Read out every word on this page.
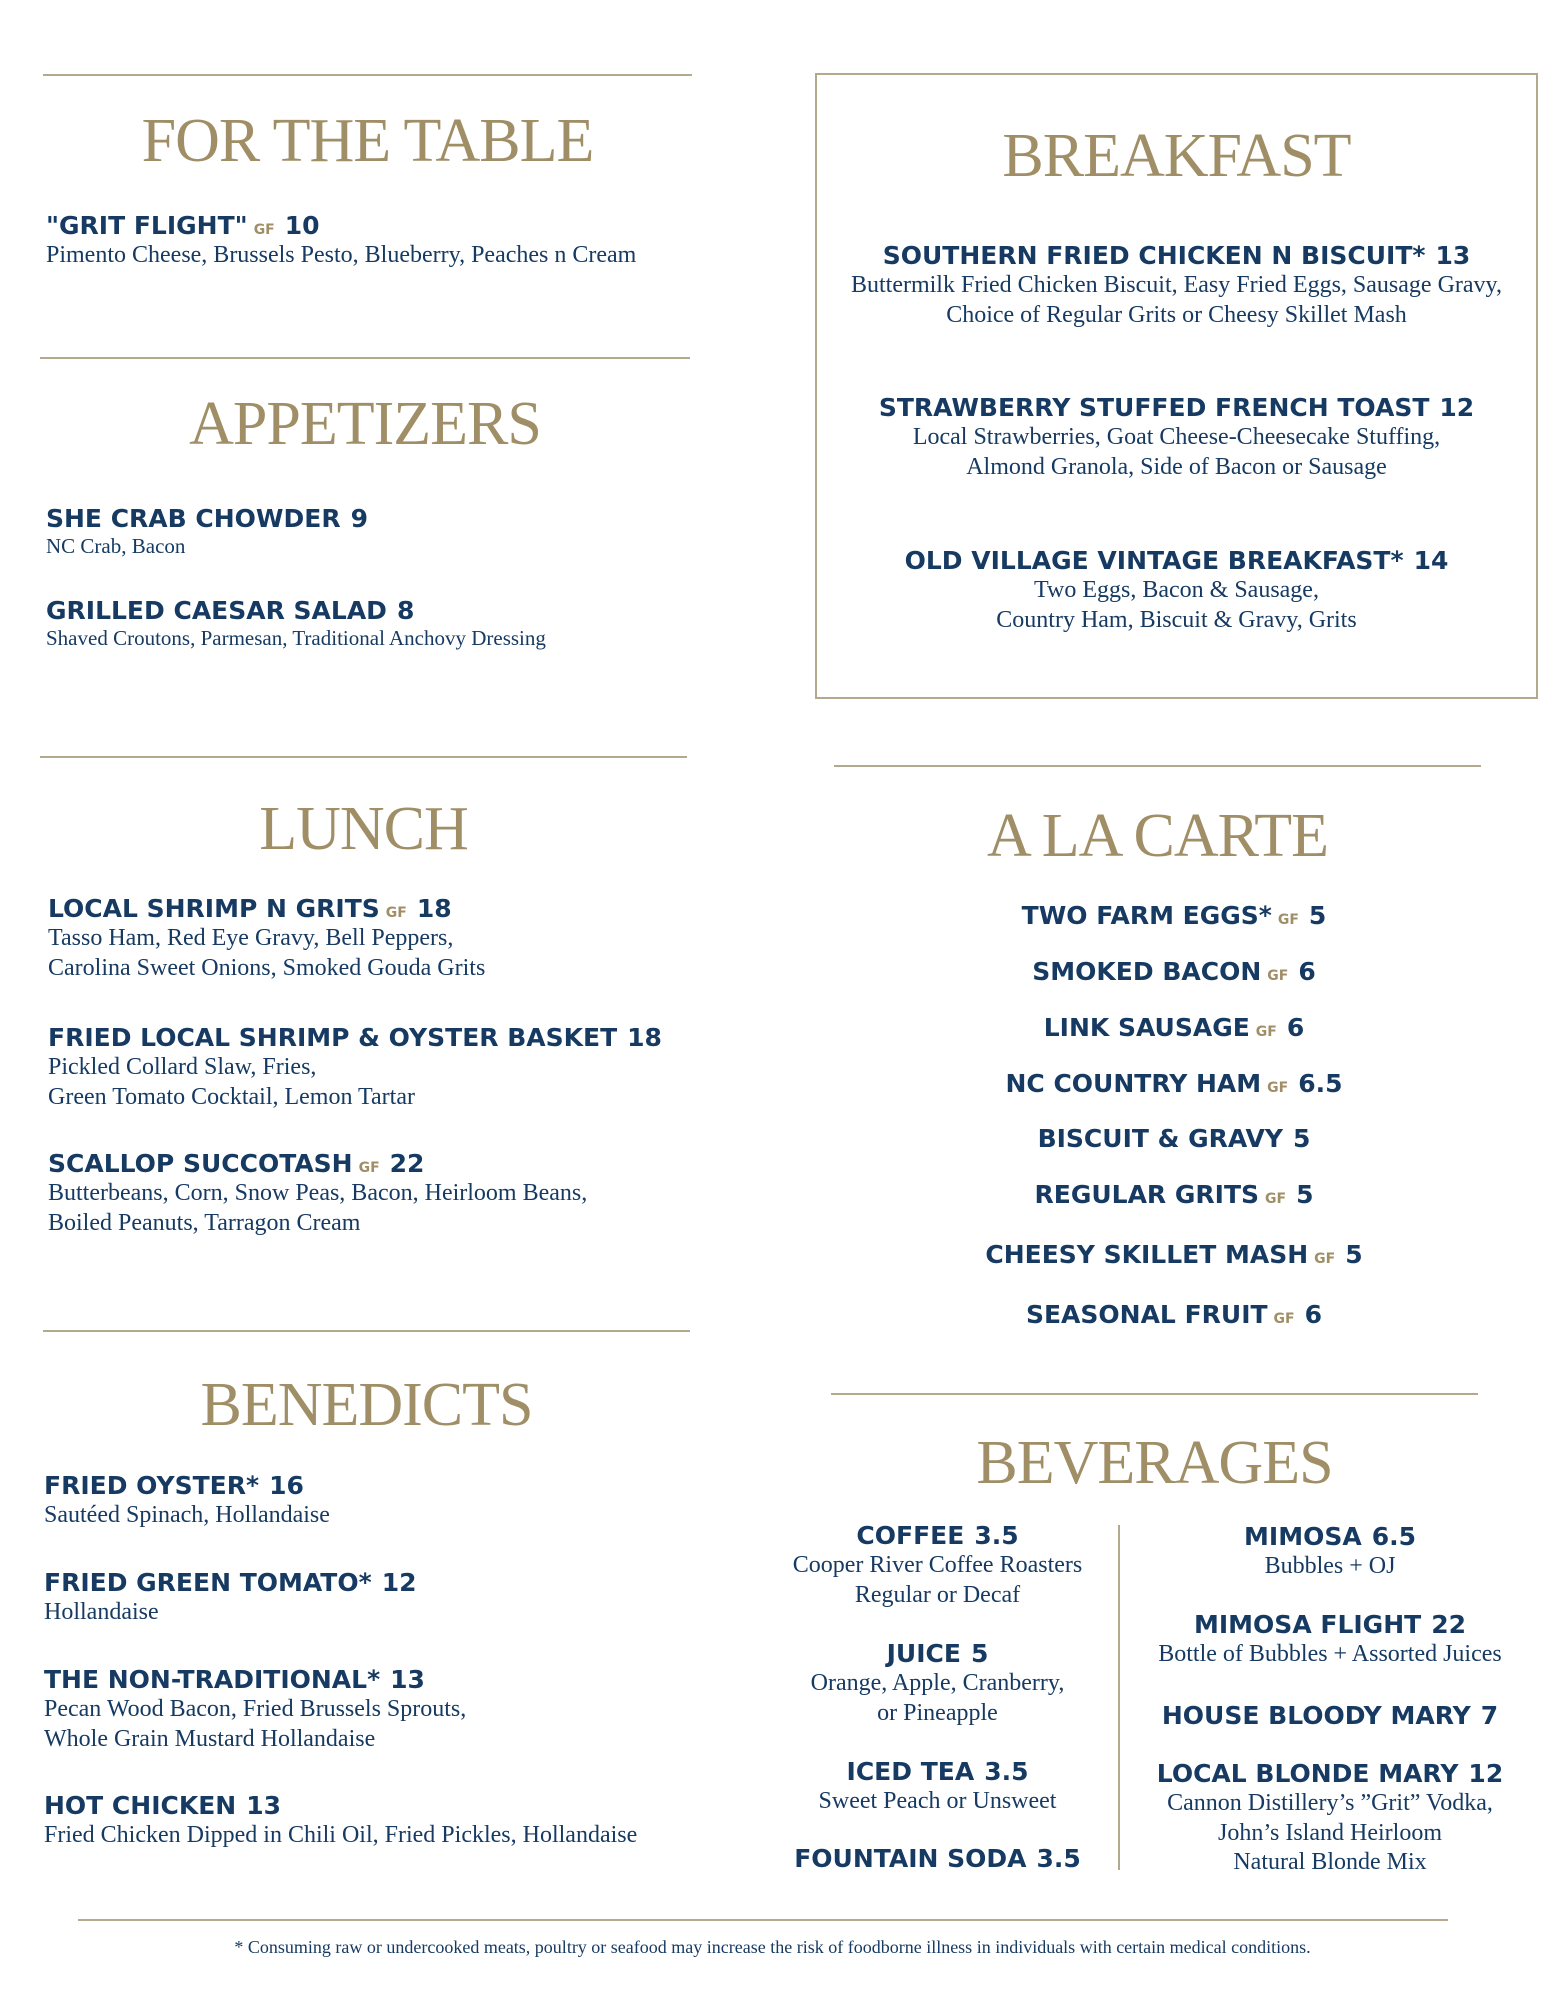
FOR THE TABLE
"GRIT FLIGHT" GF 10
Pimento Cheese, Brussels Pesto, Blueberry, Peaches n Cream
APPETIZERS
SHE CRAB CHOWDER 9
NC Crab, Bacon
GRILLED CAESAR SALAD 8
Shaved Croutons, Parmesan, Traditional Anchovy Dressing
LUNCH
LOCAL SHRIMP N GRITS GF 18
Tasso Ham, Red Eye Gravy, Bell Peppers,
Carolina Sweet Onions, Smoked Gouda Grits
FRIED LOCAL SHRIMP & OYSTER BASKET 18
Pickled Collard Slaw, Fries,
Green Tomato Cocktail, Lemon Tartar
SCALLOP SUCCOTASH GF 22
Butterbeans, Corn, Snow Peas, Bacon, Heirloom Beans,
Boiled Peanuts, Tarragon Cream
BENEDICTS
FRIED OYSTER* 16
Sautéed Spinach, Hollandaise
FRIED GREEN TOMATO* 12
Hollandaise
THE NON-TRADITIONAL* 13
Pecan Wood Bacon, Fried Brussels Sprouts,
Whole Grain Mustard Hollandaise
HOT CHICKEN 13
Fried Chicken Dipped in Chili Oil, Fried Pickles, Hollandaise
BREAKFAST
SOUTHERN FRIED CHICKEN N BISCUIT* 13
Buttermilk Fried Chicken Biscuit, Easy Fried Eggs, Sausage Gravy,
Choice of Regular Grits or Cheesy Skillet Mash
STRAWBERRY STUFFED FRENCH TOAST 12
Local Strawberries, Goat Cheese-Cheesecake Stuffing,
Almond Granola, Side of Bacon or Sausage
OLD VILLAGE VINTAGE BREAKFAST* 14
Two Eggs, Bacon & Sausage,
Country Ham, Biscuit & Gravy, Grits
A LA CARTE
TWO FARM EGGS* GF 5
SMOKED BACON GF 6
LINK SAUSAGE GF 6
NC COUNTRY HAM GF 6.5
BISCUIT & GRAVY 5
REGULAR GRITS GF 5
CHEESY SKILLET MASH GF 5
SEASONAL FRUIT GF 6
BEVERAGES
COFFEE 3.5
Cooper River Coffee Roasters
Regular or Decaf
JUICE 5
Orange, Apple, Cranberry,
or Pineapple
ICED TEA 3.5
Sweet Peach or Unsweet
FOUNTAIN SODA 3.5
MIMOSA 6.5
Bubbles + OJ
MIMOSA FLIGHT 22
Bottle of Bubbles + Assorted Juices
HOUSE BLOODY MARY 7
LOCAL BLONDE MARY 12
Cannon Distillery’s ”Grit” Vodka,
John’s Island Heirloom
Natural Blonde Mix
* Consuming raw or undercooked meats, poultry or seafood may increase the risk of foodborne illness in individuals with certain medical conditions.
